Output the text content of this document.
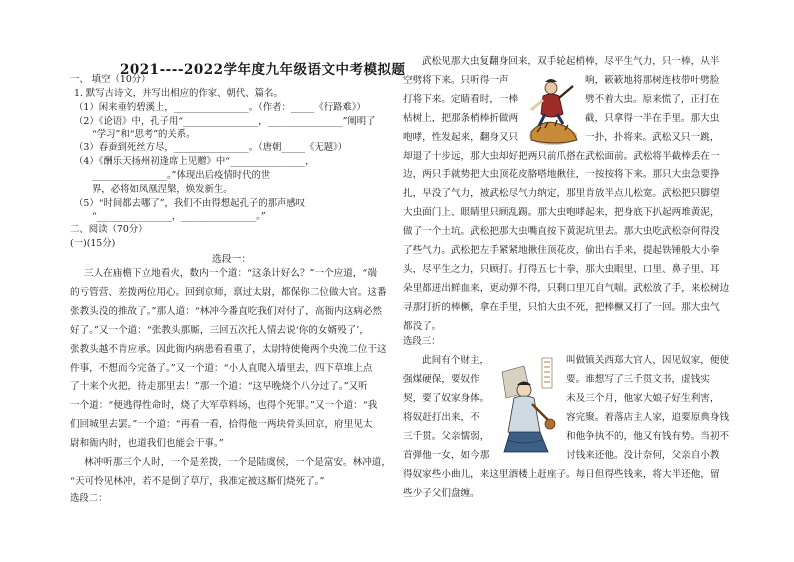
2021----2022学年度九年级语文中考模拟题
一、 填空（10分）
1. 默写古诗文，并写出相应的作家、朝代、篇名。
（1）闲来垂钓碧溪上，________________。（作者：_____《行路难》）
（2）《论语》中，孔子用“________________，________________”阐明了
“学习”和“思考”的关系。
（3）春蚕到死丝方尽，________________。（唐朝_____《无题》）
（4）《酬乐天扬州初逢席上见赠》中“________________，
________________。”体现出后疫情时代的世
界，必将如凤凰涅槃，焕发新生。
（5）“时间都去哪了”，我们不由得想起孔子的那声感叹
“________________，________________。”
二、阅读（70分）
(一)(15分)
选段一：
三人在庙檐下立地看火，数内一个道：“这条计好么？”一个应道，“端
的亏管营、差拨两位用心。回到京师，禀过太尉，都保你二位做大官。这番
张教头没的推故了。”那人道：“林冲今番直吃我们对付了，高衙内这病必然
好了。”又一个道：“张教头那厮，三回五次托人情去说‘你的女婿殁了’，
张教头越不肯应承。因此衙内病患看看重了，太尉特使俺两个央浼二位干这
件事，不想而今完备了。”又一个道：“小人直爬入墙里去，四下草堆上点
了十来个火把，待走那里去！”那一个道：“这早晚烧个八分过了。”又听
一个道：“便逃得性命时，烧了大军草料场，也得个死罪。”又一个道：“我
们回城里去罢。”一个道：“再看一看，拾得他一两块骨头回京，府里见太
尉和衙内时，也道我们也能会干事。”
林冲听那三个人时，一个是差拨，一个是陆虞侯，一个是富安。林冲道，
“天可怜见林冲，若不是倒了草厅，我准定被这厮们烧死了。”
选段二：
武松见那大虫复翻身回来，双手轮起梢棒，尽平生气力，只一棒，从半
空劈将下来。只听得一声
打将下来。定睛看时，一棒
枯树上，把那条梢棒折做两
咆哮，性发起来，翻身又只
却退了十步远，那大虫却好把两只前爪搭在武松面前。武松将半截棒丢在一
边，两只手就势把大虫顶花皮胳嗒地揪住，一按按将下来。那只大虫急要挣
扎，早没了气力，被武松尽气力纳定，那里肯放半点儿松宽。武松把只脚望
大虫面门上、眼睛里只顾乱踢。那大虫咆哮起来，把身底下扒起两堆黄泥，
做了一个土坑。武松把那大虫嘴直按下黄泥坑里去。那大虫吃武松奈何得没
了些气力。武松把左手紧紧地揪住顶花皮，偷出右手来，提起铁锤般大小拳
头，尽平生之力，只顾打。打得五七十拳，那大虫眼里、口里、鼻子里、耳
朵里都迸出鲜血来，更动弹不得，只剩口里兀自气喘。武松放了手，来松树边
寻那打折的棒橛，拿在手里，只怕大虫不死，把棒橛又打了一回。那大虫气
都没了。
响，簌簌地将那树连枝带叶劈脸
劈不着大虫。原来慌了，正打在
截，只拿得一半在手里。那大虫
一扑，扑将来。武松又只一跳，
选段三：
此间有个财主，
强煤硬保，要奴作
契，要了奴家身体。
将奴赶打出来，不
三千贯。父亲懦弱，
首弹他一女，如今那
叫做镇关西郑大官人，因见奴家，便使
要。谁想写了三千贯文书，虚钱实
未及三个月，他家大娘子好生利害，
容完聚。着落店主人家，追要原典身钱
和他争执不的，他又有钱有势。当初不
讨钱来还他。没计奈何，父亲自小教
得奴家些小曲儿，来这里酒楼上赶座子。每日但得些钱来，将大半还他，留
些少子父们盘缠。
